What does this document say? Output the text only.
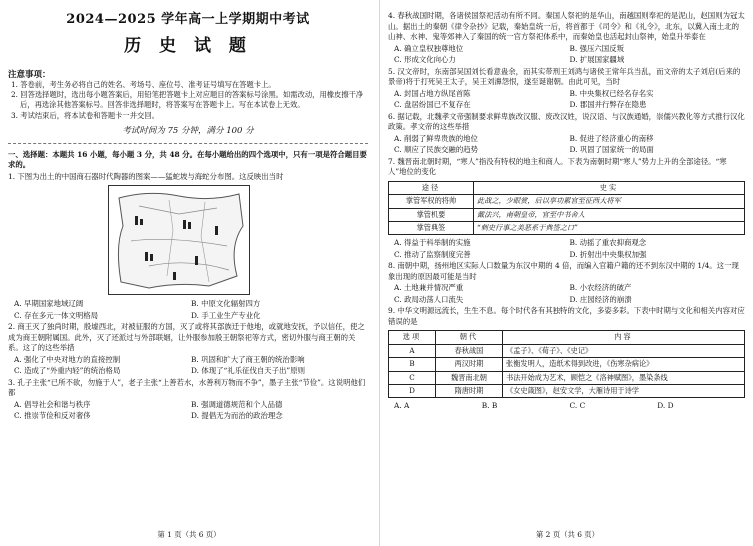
2024—2025 学年高一上学期期中考试
历 史 试 题
注意事项：
1. 答卷前，考生务必将自己的姓名、考场号、座位号、准考证号填写在答题卡上。
2. 回答选择题时，选出每小题答案后，用铅笔把答题卡上对应题目的答案标号涂黑。如需改动，用橡皮擦干净后，再选涂其他答案标号。回答非选择题时，将答案写在答题卡上。写在本试卷上无效。
3. 考试结束后，将本试卷和答题卡一并交回。
考试时间为 75 分钟，满分 100 分
一、选择题：本题共 16 小题，每小题 3 分，共 48 分。在每小题给出的四个选项中，只有一项是符合题目要求的。
1. 下图为出土的中国商石器时代陶器的图案——猛蛇坡与海蛇分布图。这反映出当时
A. 早期国家地域辽阔	B. 中原文化辐射四方
C. 存在多元一体文明格局	D. 手工业生产专业化
2. 商王灭了独尚时期，殷墟西北，对被征服的方国，灭了或将其部族迁于他地，或就地安抚，予以信任，使之成为商王朝附属国。此外，灭了还派过与外部联姻，让外服参加殷王朝祭祀等方式，密切外服与商王朝的关系。这了的这些举措
A. 强化了中央对地方的直接控制	B. 巩固和扩大了商王朝的统治影响
C. 造成了“外重内轻”的统治格局	D. 体现了“礼乐征伐自天子出”原则
3. 孔子主张“已所不欲，勿施于人”，老子主张“上善若水，水善利万物而不争”，墨子主张“节俭”。这说明他们都
A. 倡导社会和谐与秩序	B. 强调道德规范和个人品德
C. 推崇节俭和反对奢侈	D. 提倡无为而治的政治理念
第 1 页（共 6 页）
4. 春秋战国时期，各诸侯国祭祀活动有所不同。秦国人祭祀的是华山，南越国则奉祀的是泥山，赵国则为冠太山。据出土的秦朝《律令杂抄》记载，秦始皇统一后，将首都于《司令》和《礼令》，北东，以冀入南土北的山神、水神、鬼等郊神入了秦国的统一官方祭祀体系中，而秦始皇也活起封山祭神，始皇升举泰在
A. 确立皇权独尊地位	B. 强压六国反叛
C. 形成文化向心力	D. 扩展国家疆域
5. 汉文帝时，东南部吴国刘长看意蛊余，而其实带刑王刘鸿与诸侯王常年兵当乱，而文帝的太子刘启(后来的景帝)将于打死吴王太子，吴王刘濞怨恨，遂至诞谢朝。由此可见，当时
A. 封国占地方纵尾首陈	B. 中央集权已经名存名实
C. 盘居纷国已不复存在	D. 郡国并行弊存在隐患
6. 据记载，北魏孝文帝强制要求鲜卑族改汉服、废改汉姓，说汉语、与汉族通婚，崇儒兴教化等方式推行汉化政策。孝文帝的这些举措
A. 削弱了鲜卑贵族的地位	B. 促进了经济重心的南移
C. 顺应了民族交融的趋势	D. 巩固了国家统一的局面
7. 魏晋南北朝时期，“寒人”指没有特权的地主和商人。下表为南朝时期“寒人”势力上升的全部途径。“寒人”地位的变化
途径	史实
掌管军权的将帅	此战之，少眼赏，后以享功累官至征西大将军
掌管机要	戴法兴，南朝皇帝，官至中书舍人
掌管典签	“刺史行事之美恶系于典签之口”
A. 得益于科举制的实施	B. 动摇了重农抑商观念
C. 推动了监察制度完善	D. 折射出中央集权加强
8. 南朝中期，扬州地区实际人口数量为东汉中期的 4 倍，而编入官籍户籍的还不到东汉中期的 1/4。这一现象出现的原因最可能是当时
A. 土地兼并情况严重	B. 小农经济的破产
C. 政局动荡人口流失	D. 庄园经济的崩溃
9. 中华文明源远流长，生生不息。每个时代各有其独特的文化，多姿多彩。下表中时期与文化和相关内容对应错误的是
选项	朝代	内容
A	春秋战国	《孟子》、《荀子》、《史记》
B	两汉时期	张衡发明人，造纸术得到改进，《伤寒杂病论》
C	魏晋南北朝	书法开始成为艺术，顾恺之《洛神赋图》，墨染条线
D	隋唐时期	《女史箴图》，赵安文学，大雁诗用于诗学
A. A	B. B	C. C	D. D
第 2 页（共 6 页）
